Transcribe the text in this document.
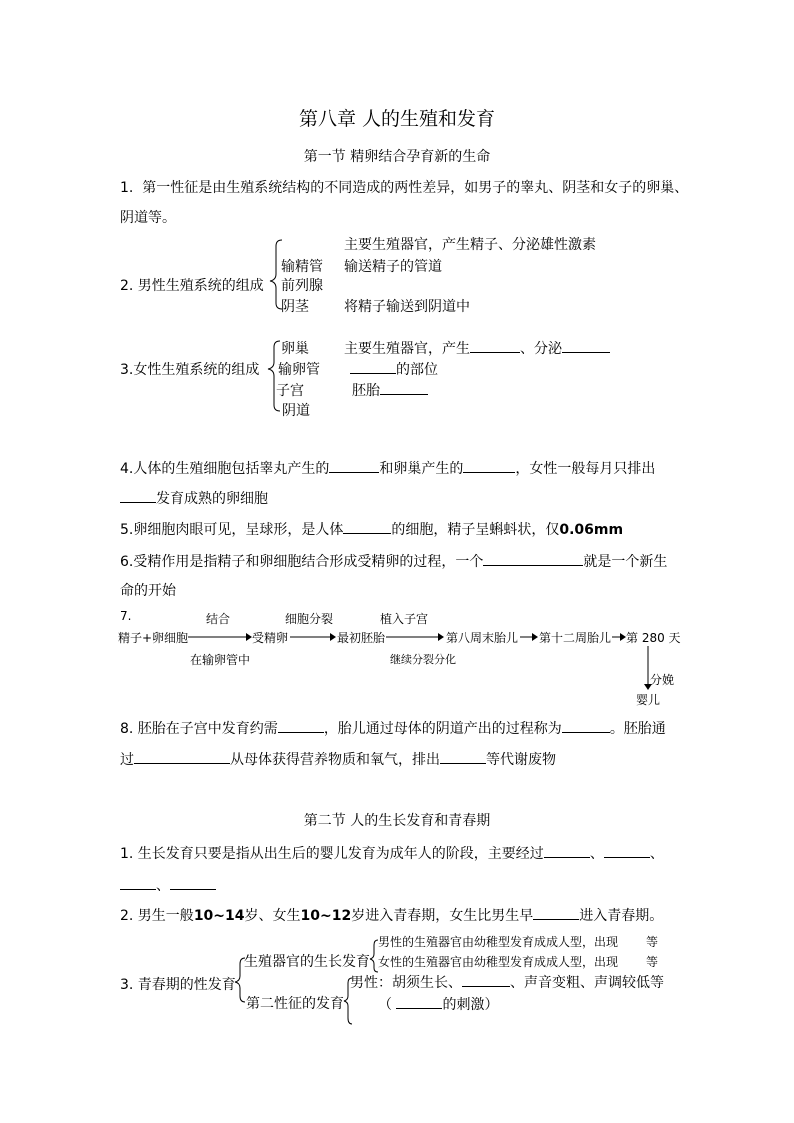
第八章 人的生殖和发育
第一节 精卵结合孕育新的生命
1. 第一性征是由生殖系统结构的不同造成的两性差异，如男子的睾丸、阴茎和女子的卵巢、
阴道等。
主要生殖器官，产生精子、分泌雄性激素
输精管 输送精子的管道
2. 男性生殖系统的组成 前列腺
阴茎	将精子输送到阴道中
卵巢	主要生殖器官，产生	、分泌
3.女性生殖系统的组成 输卵管	的部位
子宫	胚胎
阴道
4.人体的生殖细胞包括睾丸产生的	和卵巢产生的	，女性一般每月只排出
发育成熟的卵细胞
5.卵细胞肉眼可见，呈球形，是人体	的细胞，精子呈蝌蚪状，仅0.06mm
6.受精作用是指精子和卵细胞结合形成受精卵的过程，一个	就是一个新生
命的开始
7.	结合	细胞分裂	植入子宫
精子+卵细胞	受精卵	最初胚胎	第八周末胎儿 第十二周胎儿 第 280 天
在输卵管中	继续分裂分化
分娩
婴儿
8. 胚胎在子宫中发育约需	，胎儿通过母体的阴道产出的过程称为	。胚胎通
过	从母体获得营养物质和氧气，排出	等代谢废物
第二节 人的生长发育和青春期
1. 生长发育只要是指从出生后的婴儿发育为成年人的阶段，主要经过	、	、
、
2. 男生一般10~14岁、女生10~12岁进入青春期，女生比男生早	进入青春期。
男性的生殖器官由幼稚型发育成成人型，出现 等
生殖器官的生长发育 女性的生殖器官由幼稚型发育成成人型，出现 等
3. 青春期的性发育	男性：胡须生长、	、声音变粗、声调较低等
第二性征的发育 （	的刺激）
